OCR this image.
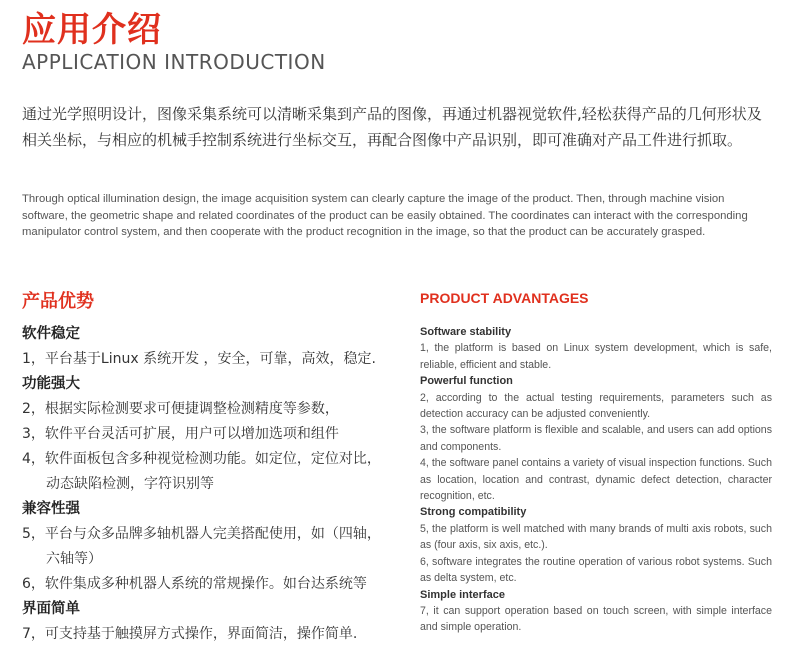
应用介绍
APPLICATION INTRODUCTION
通过光学照明设计，图像采集系统可以清晰采集到产品的图像，再通过机器视觉软件,轻松获得产品的几何形状及相关坐标，与相应的机械手控制系统进行坐标交互，再配合图像中产品识别，即可准确对产品工件进行抓取。
Through optical illumination design, the image acquisition system can clearly capture the image of the product. Then, through machine vision software, the geometric shape and related coordinates of the product can be easily obtained. The coordinates can interact with the corresponding manipulator control system, and then cooperate with the product recognition in the image, so that the product can be accurately grasped.
产品优势
软件稳定
1，平台基于Linux 系统开发 ，安全，可靠，高效，稳定.
功能强大
2，根据实际检测要求可便捷调整检测精度等参数，
3，软件平台灵活可扩展，用户可以增加选项和组件
4，软件面板包含多种视觉检测功能。如定位，定位对比，
动态缺陷检测，字符识别等
兼容性强
5，平台与众多品牌多轴机器人完美搭配使用，如（四轴，
六轴等）
6，软件集成多种机器人系统的常规操作。如台达系统等
界面简单
7，可支持基于触摸屏方式操作，界面简洁，操作简单.
PRODUCT ADVANTAGES
Software stability
1, the platform is based on Linux system development, which is safe, reliable, efficient and stable.
Powerful function
2, according to the actual testing requirements, parameters such as detection accuracy can be adjusted conveniently.
3, the software platform is flexible and scalable, and users can add options and components.
4, the software panel contains a variety of visual inspection functions. Such as location, location and contrast, dynamic defect detection, character recognition, etc.
Strong compatibility
5, the platform is well matched with many brands of multi axis robots, such as (four axis, six axis, etc.).
6, software integrates the routine operation of various robot systems. Such as delta system, etc.
Simple interface
7, it can support operation based on touch screen, with simple interface and simple operation.
